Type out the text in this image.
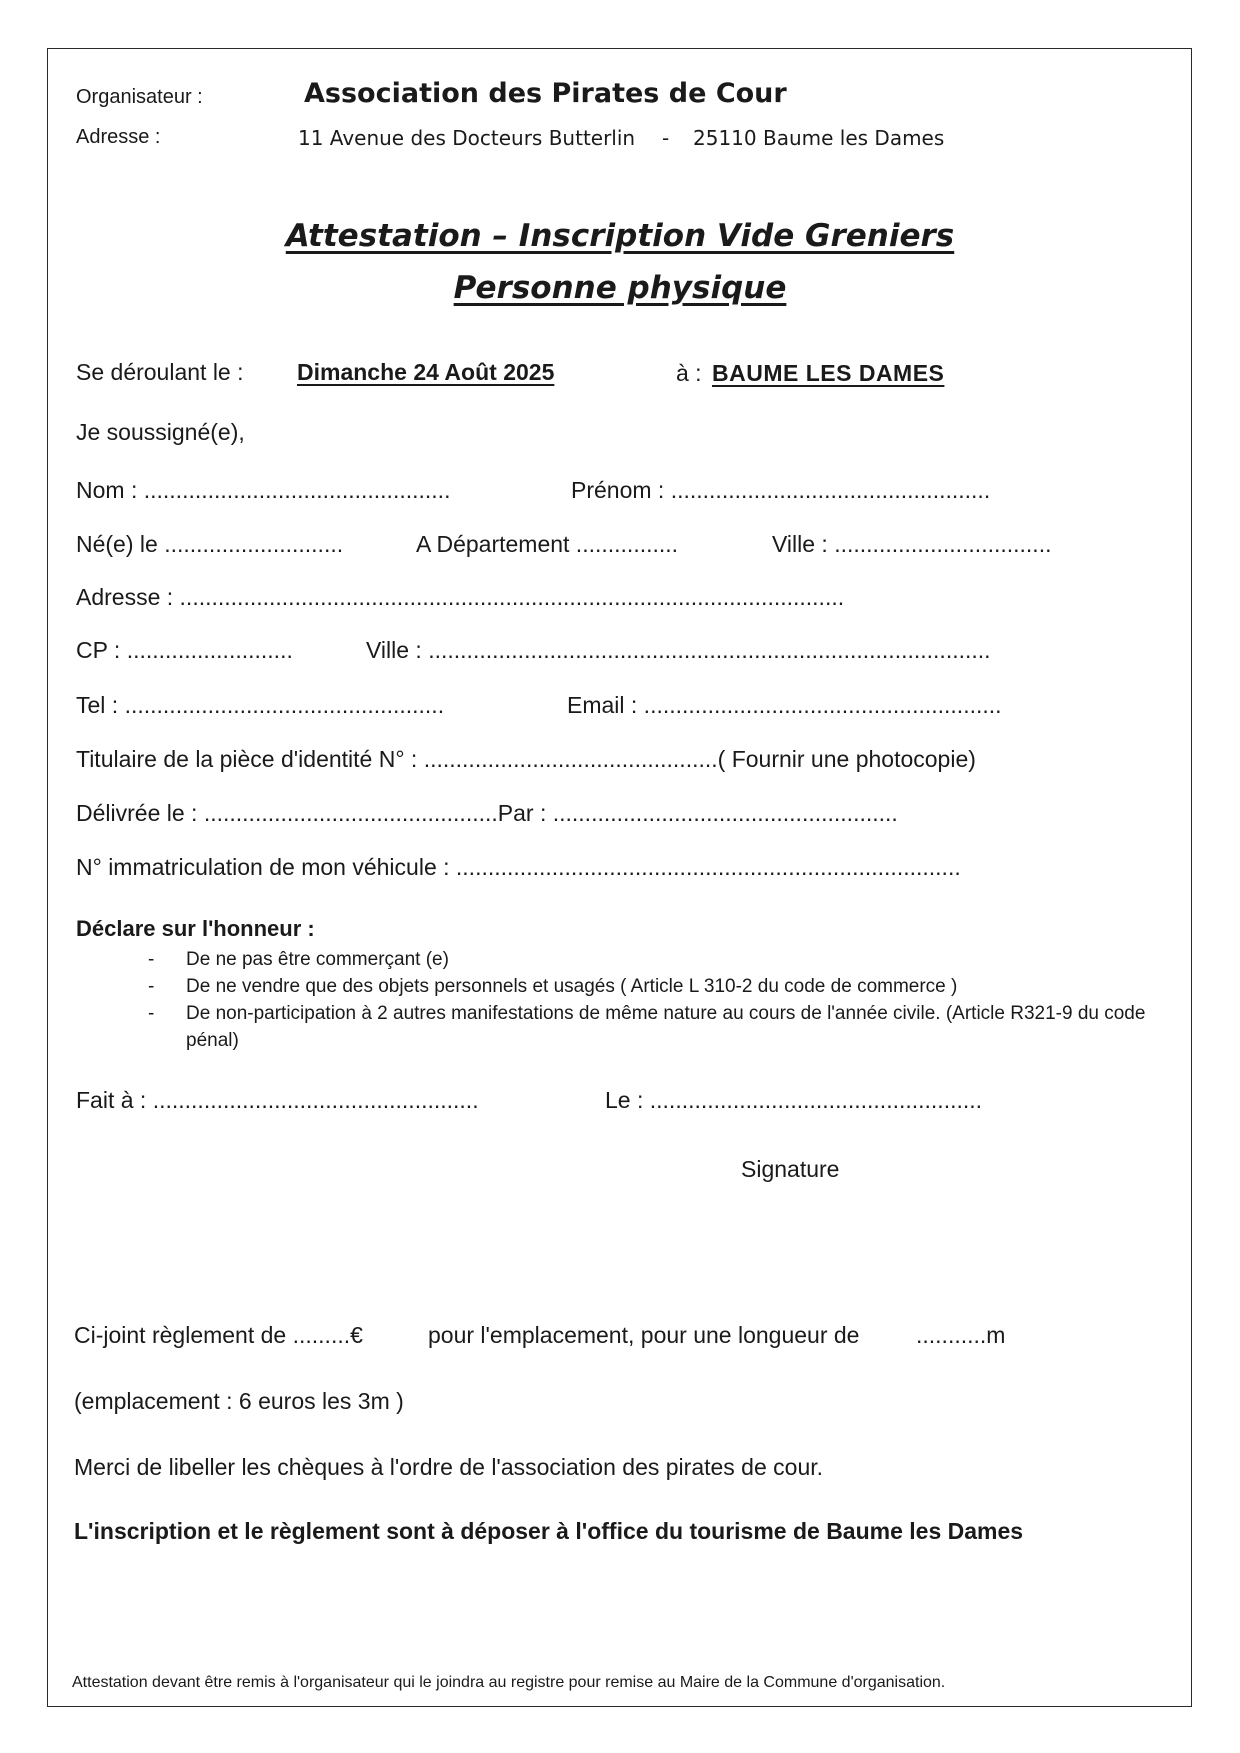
Organisateur :	Association des Pirates de Cour
Adresse :	11 Avenue des Docteurs Butterlin - 25110 Baume les Dames
Attestation – Inscription Vide Greniers
Personne physique
Se déroulant le : Dimanche 24 Août 2025	à : BAUME LES DAMES
Je soussigné(e),
Nom : ................................................	Prénom : ..................................................
Né(e) le ............................	A Département ................	Ville : ..................................
Adresse : ........................................................................................................
CP : ..........................	Ville : ........................................................................................
Tel : ..................................................	Email : ........................................................
Titulaire de la pièce d'identité N° : ..............................................( Fournir une photocopie)
Délivrée le : ..............................................Par : ......................................................
N° immatriculation de mon véhicule : ...............................................................................
Déclare sur l'honneur :
- De ne pas être commerçant (e)
- De ne vendre que des objets personnels et usagés ( Article L 310-2 du code de commerce )
- De non-participation à 2 autres manifestations de même nature au cours de l'année civile. (Article R321-9 du code pénal)
Fait à : ...................................................	Le : ....................................................
Signature
Ci-joint règlement de .........€	pour l'emplacement, pour une longueur de ...........m
(emplacement : 6 euros les 3m )
Merci de libeller les chèques à l'ordre de l'association des pirates de cour.
L'inscription et le règlement sont à déposer à l'office du tourisme de Baume les Dames
Attestation devant être remis à l'organisateur qui le joindra au registre pour remise au Maire de la Commune d'organisation.
